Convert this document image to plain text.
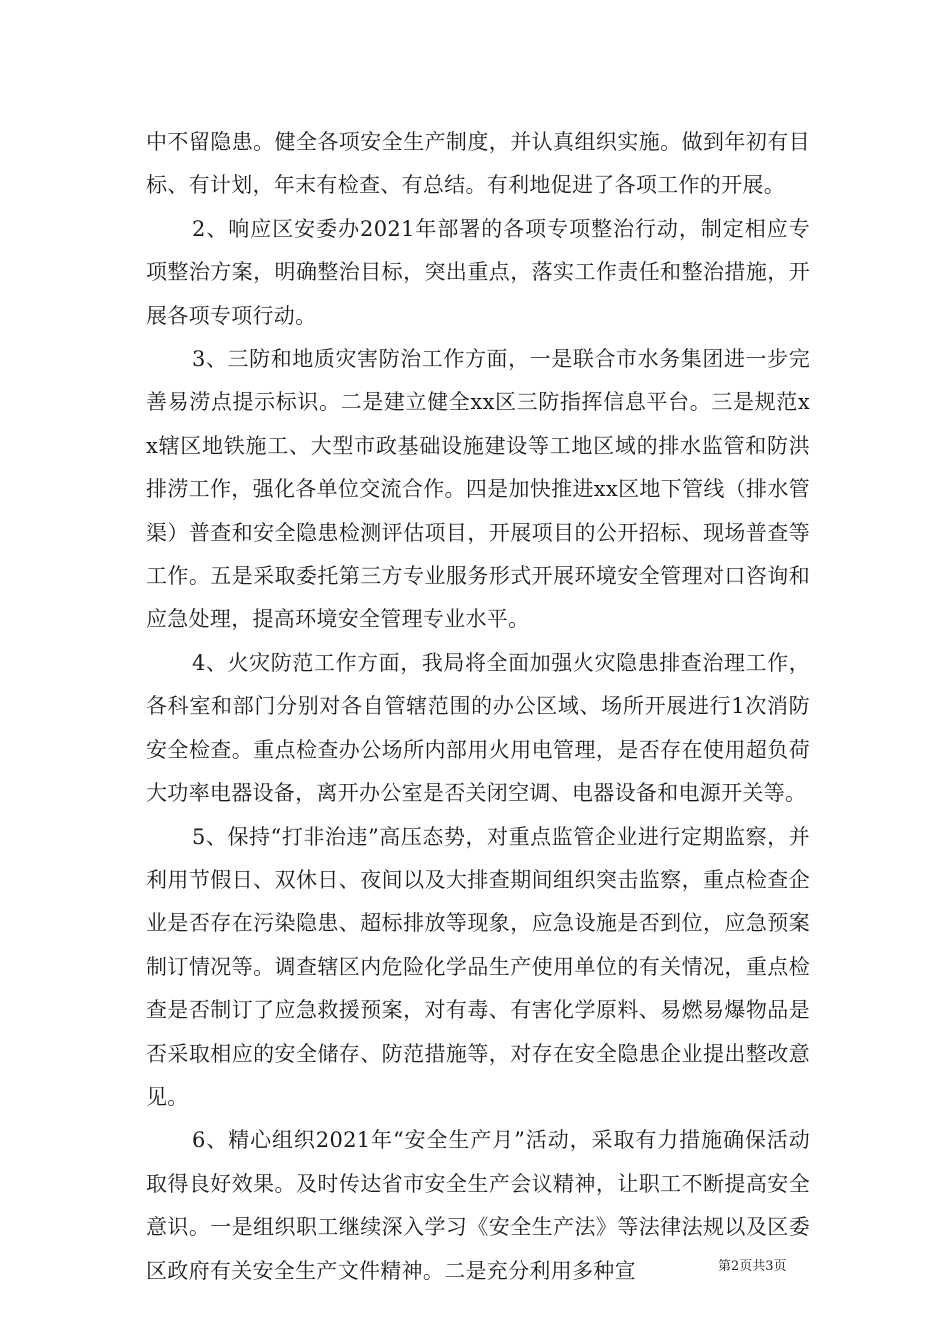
中不留隐患。健全各项安全生产制度，并认真组织实施。做到年初有目标、有计划，年末有检查、有总结。有利地促进了各项工作的开展。

2、响应区安委办2021年部署的各项专项整治行动，制定相应专项整治方案，明确整治目标，突出重点，落实工作责任和整治措施，开展各项专项行动。

3、三防和地质灾害防治工作方面，一是联合市水务集团进一步完善易涝点提示标识。二是建立健全xx区三防指挥信息平台。三是规范xx辖区地铁施工、大型市政基础设施建设等工地区域的排水监管和防洪排涝工作，强化各单位交流合作。四是加快推进xx区地下管线（排水管渠）普查和安全隐患检测评估项目，开展项目的公开招标、现场普查等工作。五是采取委托第三方专业服务形式开展环境安全管理对口咨询和应急处理，提高环境安全管理专业水平。

4、火灾防范工作方面，我局将全面加强火灾隐患排查治理工作，各科室和部门分别对各自管辖范围的办公区域、场所开展进行1次消防安全检查。重点检查办公场所内部用火用电管理，是否存在使用超负荷大功率电器设备，离开办公室是否关闭空调、电器设备和电源开关等。

5、保持“打非治违”高压态势，对重点监管企业进行定期监察，并利用节假日、双休日、夜间以及大排查期间组织突击监察，重点检查企业是否存在污染隐患、超标排放等现象，应急设施是否到位，应急预案制订情况等。调查辖区内危险化学品生产使用单位的有关情况，重点检查是否制订了应急救援预案，对有毒、有害化学原料、易燃易爆物品是否采取相应的安全储存、防范措施等，对存在安全隐患企业提出整改意见。

6、精心组织2021年“安全生产月”活动，采取有力措施确保活动取得良好效果。及时传达省市安全生产会议精神，让职工不断提高安全意识。一是组织职工继续深入学习《安全生产法》等法律法规以及区委区政府有关安全生产文件精神。二是充分利用多种宣	第2页共3页
